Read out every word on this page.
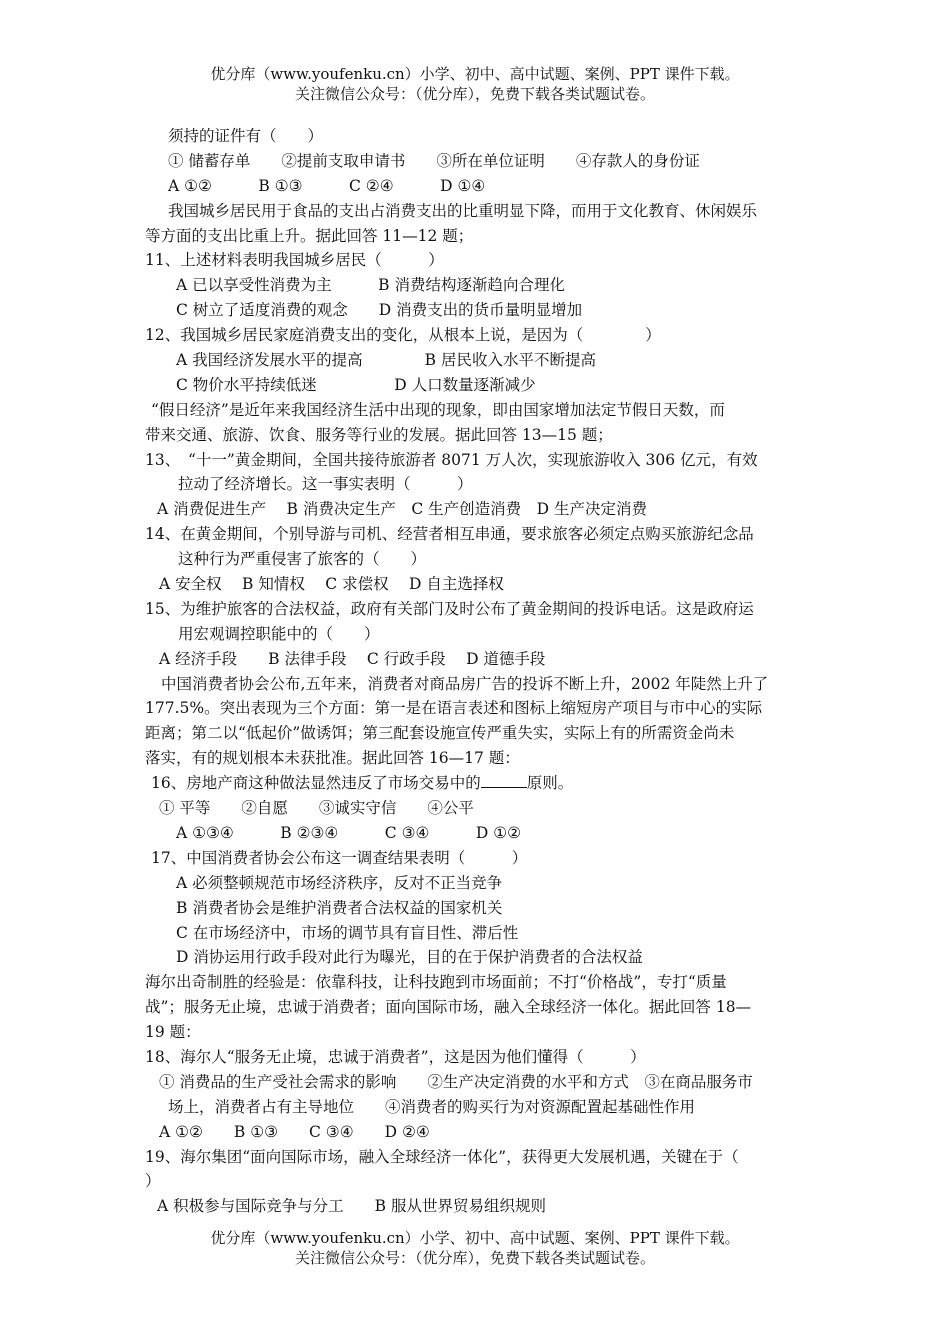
优分库（www.youfenku.cn）小学、初中、高中试题、案例、PPT 课件下载。
关注微信公众号：（优分库），免费下载各类试题试卷。
须持的证件有（　　）
① 储蓄存单　　②提前支取申请书　　③所在单位证明　　④存款人的身份证
A ①②　　　B ①③　　　C ②④　　　D ①④
我国城乡居民用于食品的支出占消费支出的比重明显下降，而用于文化教育、休闲娱乐
等方面的支出比重上升。据此回答 11—12 题；
11、上述材料表明我国城乡居民（　　　）
A 已以享受性消费为主　　　B 消费结构逐渐趋向合理化
C 树立了适度消费的观念　　D 消费支出的货币量明显增加
12、我国城乡居民家庭消费支出的变化，从根本上说，是因为（　　　　）
A 我国经济发展水平的提高　　　　B 居民收入水平不断提高
C 物价水平持续低迷　　　　　D 人口数量逐渐减少
“假日经济”是近年来我国经济生活中出现的现象，即由国家增加法定节假日天数，而
带来交通、旅游、饮食、服务等行业的发展。据此回答 13—15 题；
13、　“十一”黄金期间，全国共接待旅游者 8071 万人次，实现旅游收入 306 亿元，有效
拉动了经济增长。这一事实表明（　　　）
A 消费促进生产　 B 消费决定生产　C 生产创造消费　D 生产决定消费
14、在黄金期间，个别导游与司机、经营者相互串通，要求旅客必须定点购买旅游纪念品
这种行为严重侵害了旅客的（　　）
A 安全权　 B 知情权　 C 求偿权　 D 自主选择权
15、为维护旅客的合法权益，政府有关部门及时公布了黄金期间的投诉电话。这是政府运
用宏观调控职能中的（　　）
A 经济手段　　B 法律手段　 C 行政手段　 D 道德手段
中国消费者协会公布,五年来，消费者对商品房广告的投诉不断上升，2002 年陡然上升了
177.5%。突出表现为三个方面：第一是在语言表述和图标上缩短房产项目与市中心的实际
距离；第二以“低起价”做诱饵；第三配套设施宣传严重失实，实际上有的所需资金尚未
落实，有的规划根本未获批准。据此回答 16—17 题：
16、房地产商这种做法显然违反了市场交易中的	原则。
① 平等　　②自愿　　③诚实守信　　④公平
A ①③④　　　B ②③④　　　C ③④　　　D ①②
17、中国消费者协会公布这一调查结果表明（　　　）
A 必须整顿规范市场经济秩序，反对不正当竞争
B 消费者协会是维护消费者合法权益的国家机关
C 在市场经济中，市场的调节具有盲目性、滞后性
D 消协运用行政手段对此行为曝光，目的在于保护消费者的合法权益
海尔出奇制胜的经验是：依靠科技，让科技跑到市场面前；不打“价格战”，专打“质量
战”；服务无止境，忠诚于消费者；面向国际市场，融入全球经济一体化。据此回答 18—
19 题：
18、海尔人“服务无止境，忠诚于消费者”，这是因为他们懂得（　　　）
① 消费品的生产受社会需求的影响　　②生产决定消费的水平和方式　③在商品服务市
场上，消费者占有主导地位　　④消费者的购买行为对资源配置起基础性作用
A ①②　　B ①③　　C ③④　　D ②④
19、海尔集团“面向国际市场，融入全球经济一体化”，获得更大发展机遇，关键在于（
）
A 积极参与国际竞争与分工　　B 服从世界贸易组织规则
优分库（www.youfenku.cn）小学、初中、高中试题、案例、PPT 课件下载。
关注微信公众号：（优分库），免费下载各类试题试卷。
